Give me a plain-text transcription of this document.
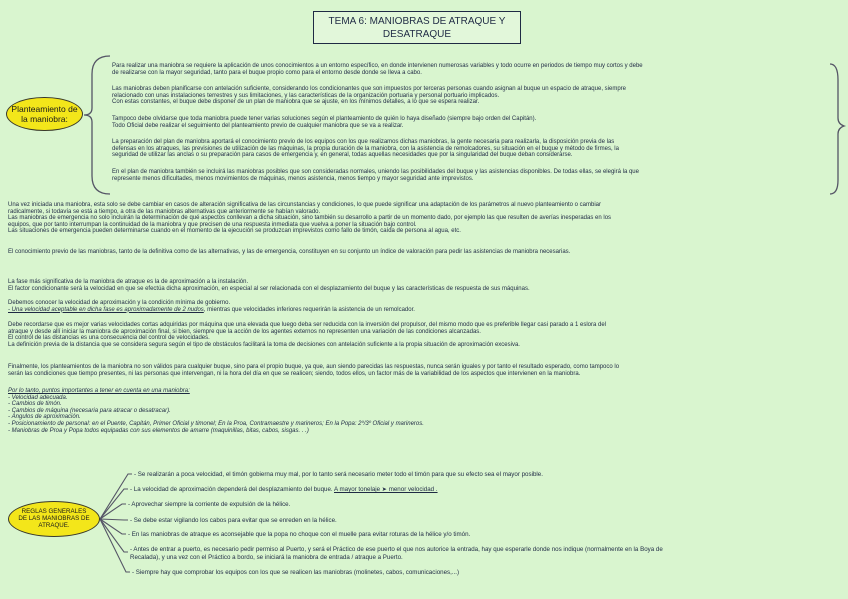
TEMA 6: MANIOBRAS DE ATRAQUE Y
DESATRAQUE
Planteamiento de
la maniobra:
Para realizar una maniobra se requiere la aplicación de unos conocimientos a un entorno específico, en donde intervienen numerosas variables y todo ocurre en periodos de tiempo muy cortos y debe
de realizarse con la mayor seguridad, tanto para el buque propio como para el entorno desde donde se lleva a cabo.
Las maniobras deben planificarse con antelación suficiente, considerando los condicionantes que son impuestos por terceras personas cuando asignan al buque un espacio de atraque, siempre
relacionado con unas instalaciones terrestres y sus limitaciones, y las características de la organización portuaria y personal portuario implicados.
Con estas constantes, el buque debe disponer de un plan de maniobra que se ajuste, en los mínimos detalles, a lo que se espera realizar.
Tampoco debe olvidarse que toda maniobra puede tener varias soluciones según el planteamiento de quién lo haya diseñado (siempre bajo orden del Capitán).
Todo Oficial debe realizar el seguimiento del planteamiento previo de cualquier maniobra que se va a realizar.
La preparación del plan de maniobra aportará el conocimiento previo de los equipos con los que realizamos dichas maniobras, la gente necesaria para realizarla, la disposición previa de las
defensas en los atraques, las previsiones de utilización de las máquinas, la propia duración de la maniobra, con la asistencia de remolcadores, su situación en el buque y método de firmes, la
seguridad de utilizar las anclas o su preparación para casos de emergencia y, en general, todas aquellas necesidades que por la singularidad del buque deban considerarse.
En el plan de maniobra también se incluirá las maniobras posibles que son consideradas normales, uniendo las posibilidades del buque y las asistencias disponibles. De todas ellas, se elegirá la que
represente menos dificultades, menos movimientos de máquinas, menos asistencia, menos tiempo y mayor seguridad ante imprevistos.
Una vez iniciada una maniobra, esta solo se debe cambiar en casos de alteración significativa de las circunstancias y condiciones, lo que puede significar una adaptación de los parámetros al nuevo planteamiento o cambiar
radicalmente, si todavía se está a tiempo, a otra de las maniobras alternativas que anteriormente se habían valorado.
Las maniobras de emergencia no solo incluirán la determinación de qué aspectos conllevan a dicha situación, sino también su desarrollo a partir de un momento dado, por ejemplo las que resulten de averías inesperadas en los
equipos, que por tanto interrumpan la continuidad de la maniobra y que precisen de una respuesta inmediata que vuelva a poner la situación bajo control.
Las situaciones de emergencia pueden determinarse cuando en el momento de la ejecución se produzcan imprevistos como fallo de timón, caída de persona al agua, etc.
El conocimiento previo de las maniobras, tanto de la definitiva como de las alternativas, y las de emergencia, constituyen en su conjunto un índice de valoración para pedir las asistencias de maniobra necesarias.
La fase más significativa de la maniobra de atraque es la de aproximación a la instalación.
El factor condicionante será la velocidad en que se efectúa dicha aproximación, en especial al ser relacionada con el desplazamiento del buque y las características de respuesta de sus máquinas.
Debemos conocer la velocidad de aproximación y la condición mínima de gobierno.
- Una velocidad aceptable en dicha fase es aproximadamente de 2 nudos, mientras que velocidades inferiores requerirán la asistencia de un remolcador.
Debe recordarse que es mejor varias velocidades cortas adquiridas por máquina que una elevada que luego deba ser reducida con la inversión del propulsor, del mismo modo que es preferible llegar casi parado a 1 eslora del
atraque y desde allí iniciar la maniobra de aproximación final, si bien, siempre que la acción de los agentes externos no representen una variación de las condiciones alcanzadas.
El control de las distancias es una consecuencia del control de velocidades.
La definición previa de la distancia que se considera segura según el tipo de obstáculos facilitará la toma de decisiones con antelación suficiente a la propia situación de aproximación excesiva.
Finalmente, los planteamientos de la maniobra no son válidos para cualquier buque, sino para el propio buque, ya que, aun siendo parecidas las respuestas, nunca serán iguales y por tanto el resultado esperado, como tampoco lo
serán las condiciones que tiempo presentes, ni las personas que intervengan, ni la hora del día en que se realicen; siendo, todos ellos, un factor más de la variabilidad de los aspectos que intervienen en la maniobra.
Por lo tanto, puntos importantes a tener en cuenta en una maniobra:
- Velocidad adecuada.
- Cambios de timón.
- Cambios de máquina (necesaria para atracar o desatracar).
- Ángulos de aproximación.
- Posicionamiento de personal: en el Puente, Capitán, Primer Oficial y timonel; En la Proa, Contramaestre y marineros; En la Popa: 2º/3º Oficial y marineros.
- Maniobras de Proa y Popa todos equipadas con sus elementos de amarre (maquinillas, bitas, cabos, sisgas. . .)
REGLAS GENERALES
DE LAS MANIOBRAS DE
ATRAQUE.
- Se realizarán a poca velocidad, el timón gobierna muy mal, por lo tanto será necesario meter todo el timón para que su efecto sea el mayor posible.
- La velocidad de aproximación dependerá del desplazamiento del buque. A mayor tonelaje ➤ menor velocidad .
- Aprovechar siempre la corriente de expulsión de la hélice.
- Se debe estar vigilando los cabos para evitar que se enreden en la hélice.
- En las maniobras de atraque es aconsejable que la popa no choque con el muelle para evitar roturas de la hélice y/o timón.
- Antes de entrar a puerto, es necesario pedir permiso al Puerto, y será el Práctico de ese puerto el que nos autorice la entrada, hay que esperarle donde nos indique (normalmente en la Boya de
Recalada), y una vez con el Práctico a bordo, se iniciará la maniobra de entrada / atraque a Puerto.
- Siempre hay que comprobar los equipos con los que se realicen las maniobras (molinetes, cabos, comunicaciones,...)
